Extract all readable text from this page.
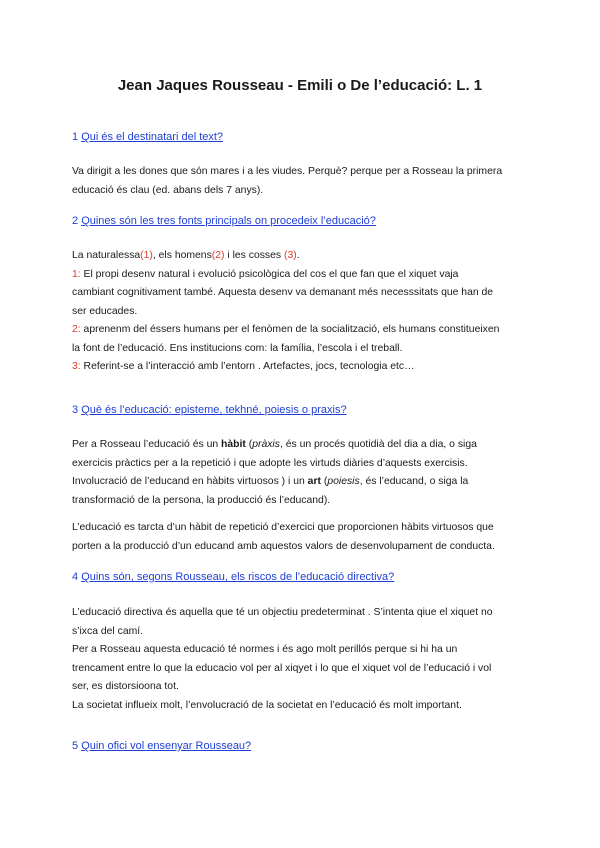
Jean Jaques Rousseau - Emili o De l’educació: L. 1
1 Qui és el destinatari del text?
Va dirigit a les dones que són mares i a les viudes. Perquè? perque per a Rosseau la primera
educació és clau (ed. abans dels 7 anys).
2 Quines són les tres fonts principals on procedeix l’educació?
La naturalessa(1), els homens(2) i les cosses (3).
1: El propi desenv natural i evolució psicològica del cos el que fan que el xiquet vaja
cambiant cognitivament també. Aquesta desenv va demanant més necesssitats que han de
ser educades.
2: aprenenm del éssers humans per el fenòmen de la socialització, els humans constitueixen
la font de l’educació. Ens institucions com: la família, l’escola i el treball.
3: Referint-se a l’interacció amb l’entorn . Artefactes, jocs, tecnologia etc…
3 Què és l’educació: episteme, tekhné, poiesis o praxis?
Per a Rosseau l’educació és un hàbit (pràxis, és un procés quotidià del dia a dia, o siga
exercicis pràctics per a la repetició i que adopte les virtuds diàries d’aquests exercisis.
Involucració de l’educand en hàbits virtuosos ) i un art (poiesis, és l’educand, o siga la
transformació de la persona, la producció és l’educand).
L’educació es tarcta d’un hàbit de repetició d’exercici que proporcionen hàbits virtuosos que
porten a la producció d’un educand amb aquestos valors de desenvolupament de conducta.
4 Quins són, segons Rousseau, els riscos de l’educació directiva?
L’educació directiva és aquella que té un objectiu predeterminat . S’intenta qiue el xiquet no
s’ixca del camí.
Per a Rosseau aquesta educació té normes i és ago molt perillós perque si hi ha un
trencament entre lo que la educacio vol per al xiqyet i lo que el xiquet vol de l’educació i vol
ser, es distorsioona tot.
La societat influeix molt, l’envolucració de la societat en l’educació és molt important.
5 Quin ofici vol ensenyar Rousseau?
